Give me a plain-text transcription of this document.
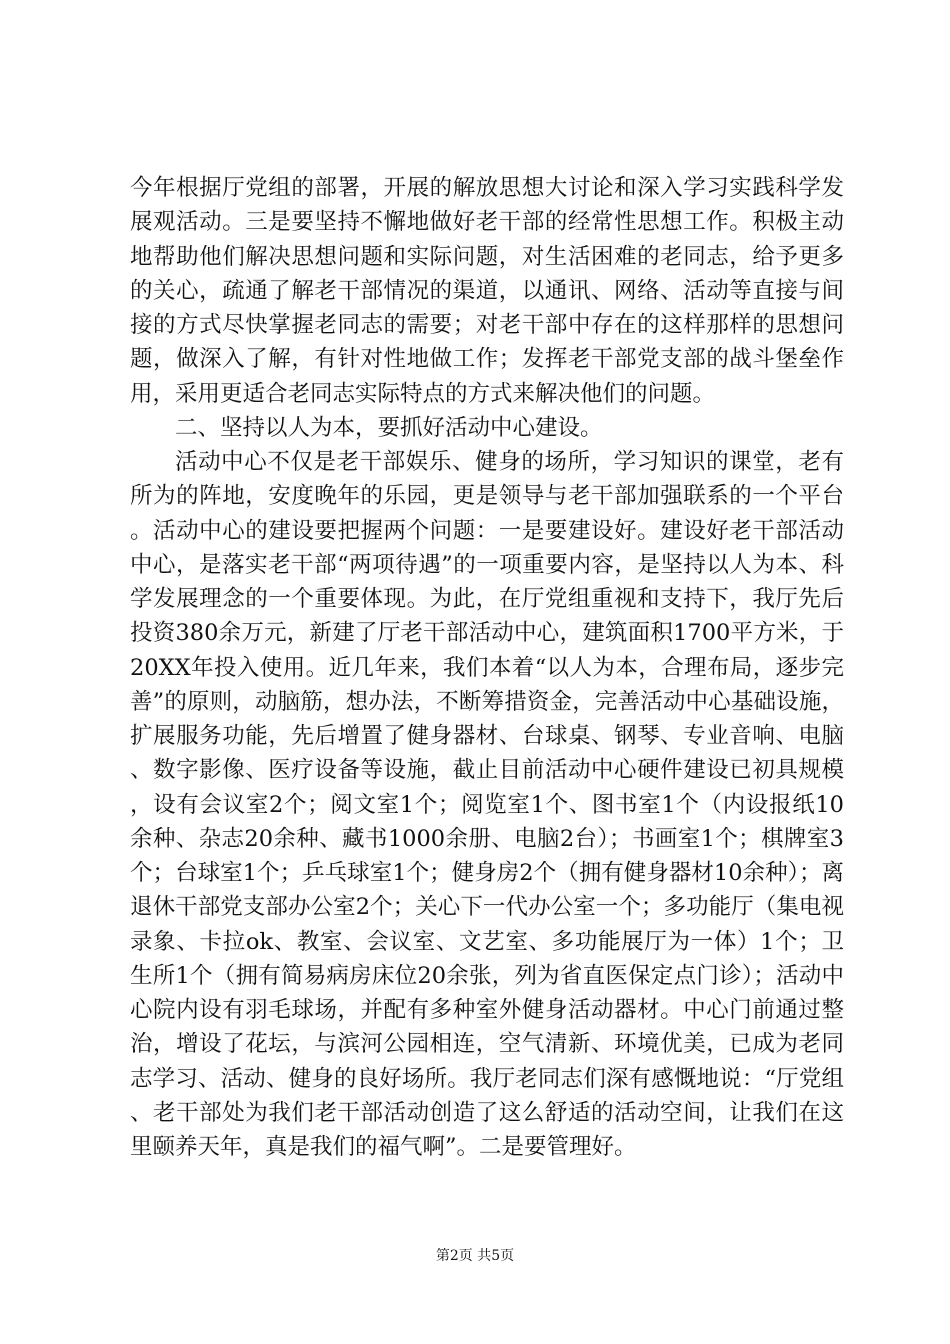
今年根据厅党组的部署，开展的解放思想大讨论和深入学习实践科学发展观活动。三是要坚持不懈地做好老干部的经常性思想工作。积极主动地帮助他们解决思想问题和实际问题，对生活困难的老同志，给予更多的关心，疏通了解老干部情况的渠道，以通讯、网络、活动等直接与间接的方式尽快掌握老同志的需要；对老干部中存在的这样那样的思想问题，做深入了解，有针对性地做工作；发挥老干部党支部的战斗堡垒作用，采用更适合老同志实际特点的方式来解决他们的问题。

二、坚持以人为本，要抓好活动中心建设。

活动中心不仅是老干部娱乐、健身的场所，学习知识的课堂，老有所为的阵地，安度晚年的乐园，更是领导与老干部加强联系的一个平台。活动中心的建设要把握两个问题：一是要建设好。建设好老干部活动中心，是落实老干部“两项待遇”的一项重要内容，是坚持以人为本、科学发展理念的一个重要体现。为此，在厅党组重视和支持下，我厅先后投资380余万元，新建了厅老干部活动中心，建筑面积1700平方米，于20XX年投入使用。近几年来，我们本着“以人为本，合理布局，逐步完善”的原则，动脑筋，想办法，不断筹措资金，完善活动中心基础设施，扩展服务功能，先后增置了健身器材、台球桌、钢琴、专业音响、电脑、数字影像、医疗设备等设施，截止目前活动中心硬件建设已初具规模，设有会议室2个；阅文室1个；阅览室1个、图书室1个（内设报纸10余种、杂志20余种、藏书1000余册、电脑2台）；书画室1个；棋牌室3个；台球室1个；乒乓球室1个；健身房2个（拥有健身器材10余种）；离退休干部党支部办公室2个；关心下一代办公室一个；多功能厅（集电视录象、卡拉ok、教室、会议室、文艺室、多功能展厅为一体）1个；卫生所1个（拥有简易病房床位20余张，列为省直医保定点门诊）；活动中心院内设有羽毛球场，并配有多种室外健身活动器材。中心门前通过整治，增设了花坛，与滨河公园相连，空气清新、环境优美，已成为老同志学习、活动、健身的良好场所。我厅老同志们深有感慨地说：“厅党组、老干部处为我们老干部活动创造了这么舒适的活动空间，让我们在这里颐养天年，真是我们的福气啊”。二是要管理好。

第2页 共5页
